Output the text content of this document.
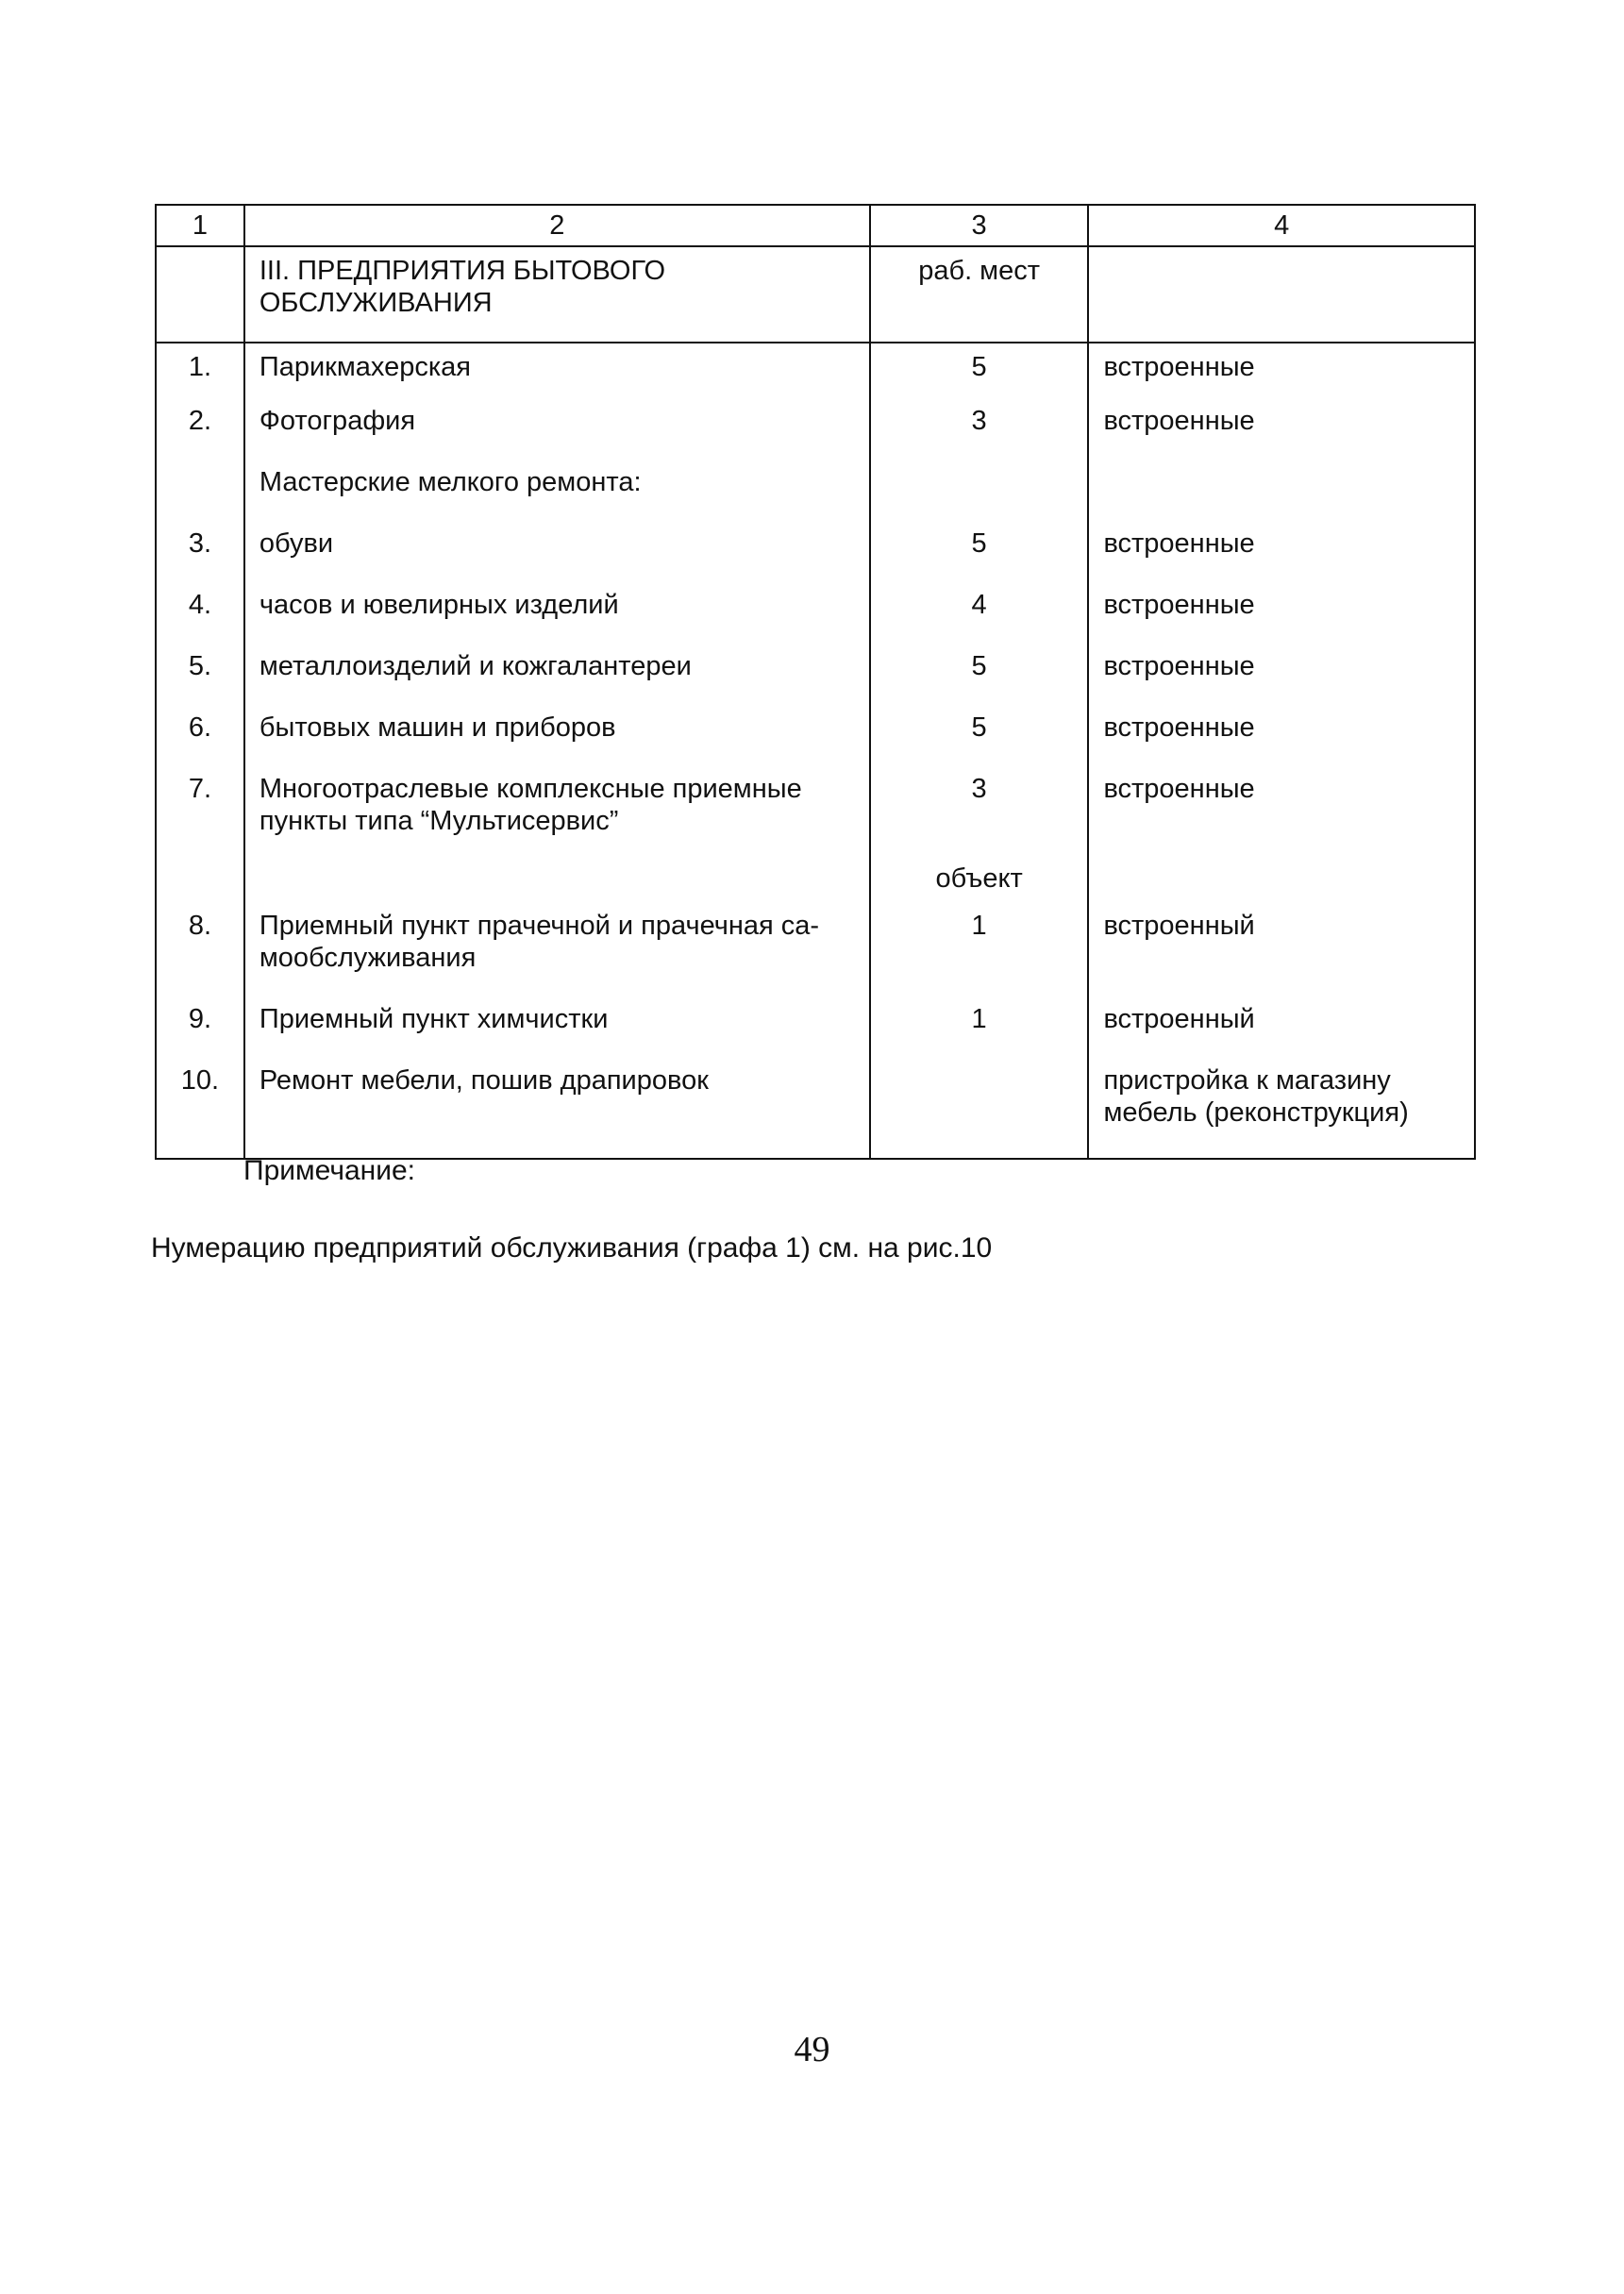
1	2	3	4
	III. ПРЕДПРИЯТИЯ БЫТОВОГО ОБСЛУЖИВАНИЯ	раб. мест	
1.	Парикмахерская	5	встроенные
2.	Фотография	3	встроенные
	Мастерские мелкого ремонта:		
3.	обуви	5	встроенные
4.	часов и ювелирных изделий	4	встроенные
5.	металлоизделий и кожгалантереи	5	встроенные
6.	бытовых машин и приборов	5	встроенные
7.	Многоотраслевые комплексные приемные пункты типа “Мультисервис”	3	встроенные
		объект	
8.	Приемный пункт прачечной и прачечная са-мообслуживания	1	встроенный
9.	Приемный пункт химчистки	1	встроенный
10.	Ремонт мебели, пошив драпировок		пристройка к магазину мебель (реконструкция)
Примечание:
Нумерацию предприятий обслуживания (графа 1) см. на рис.10
49
